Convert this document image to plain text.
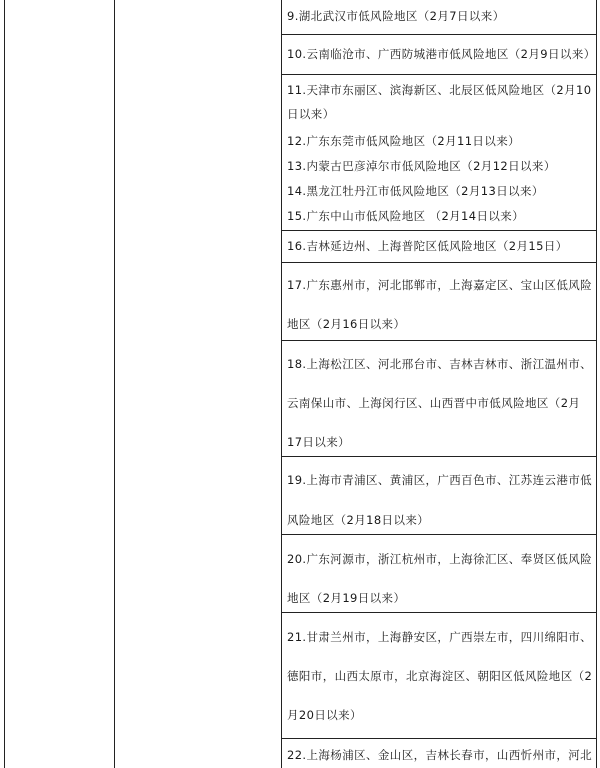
9.湖北武汉市低风险地区（2月7日以来）
10.云南临沧市、广西防城港市低风险地区（2月9日以来）
11.天津市东丽区、滨海新区、北辰区低风险地区（2月10
日以来）
12.广东东莞市低风险地区（2月11日以来）
13.内蒙古巴彦淖尔市低风险地区（2月12日以来）
14.黑龙江牡丹江市低风险地区（2月13日以来）
15.广东中山市低风险地区 （2月14日以来）
16.吉林延边州、上海普陀区低风险地区（2月15日）
17.广东惠州市，河北邯郸市，上海嘉定区、宝山区低风险
地区（2月16日以来）
18.上海松江区、河北邢台市、吉林吉林市、浙江温州市、
云南保山市、上海闵行区、山西晋中市低风险地区（2月
17日以来）
19.上海市青浦区、黄浦区，广西百色市、江苏连云港市低
风险地区（2月18日以来）
20.广东河源市，浙江杭州市，上海徐汇区、奉贤区低风险
地区（2月19日以来）
21.甘肃兰州市，上海静安区，广西崇左市，四川绵阳市、
德阳市，山西太原市，北京海淀区、朝阳区低风险地区（2
月20日以来）
22.上海杨浦区、金山区，吉林长春市，山西忻州市，河北
